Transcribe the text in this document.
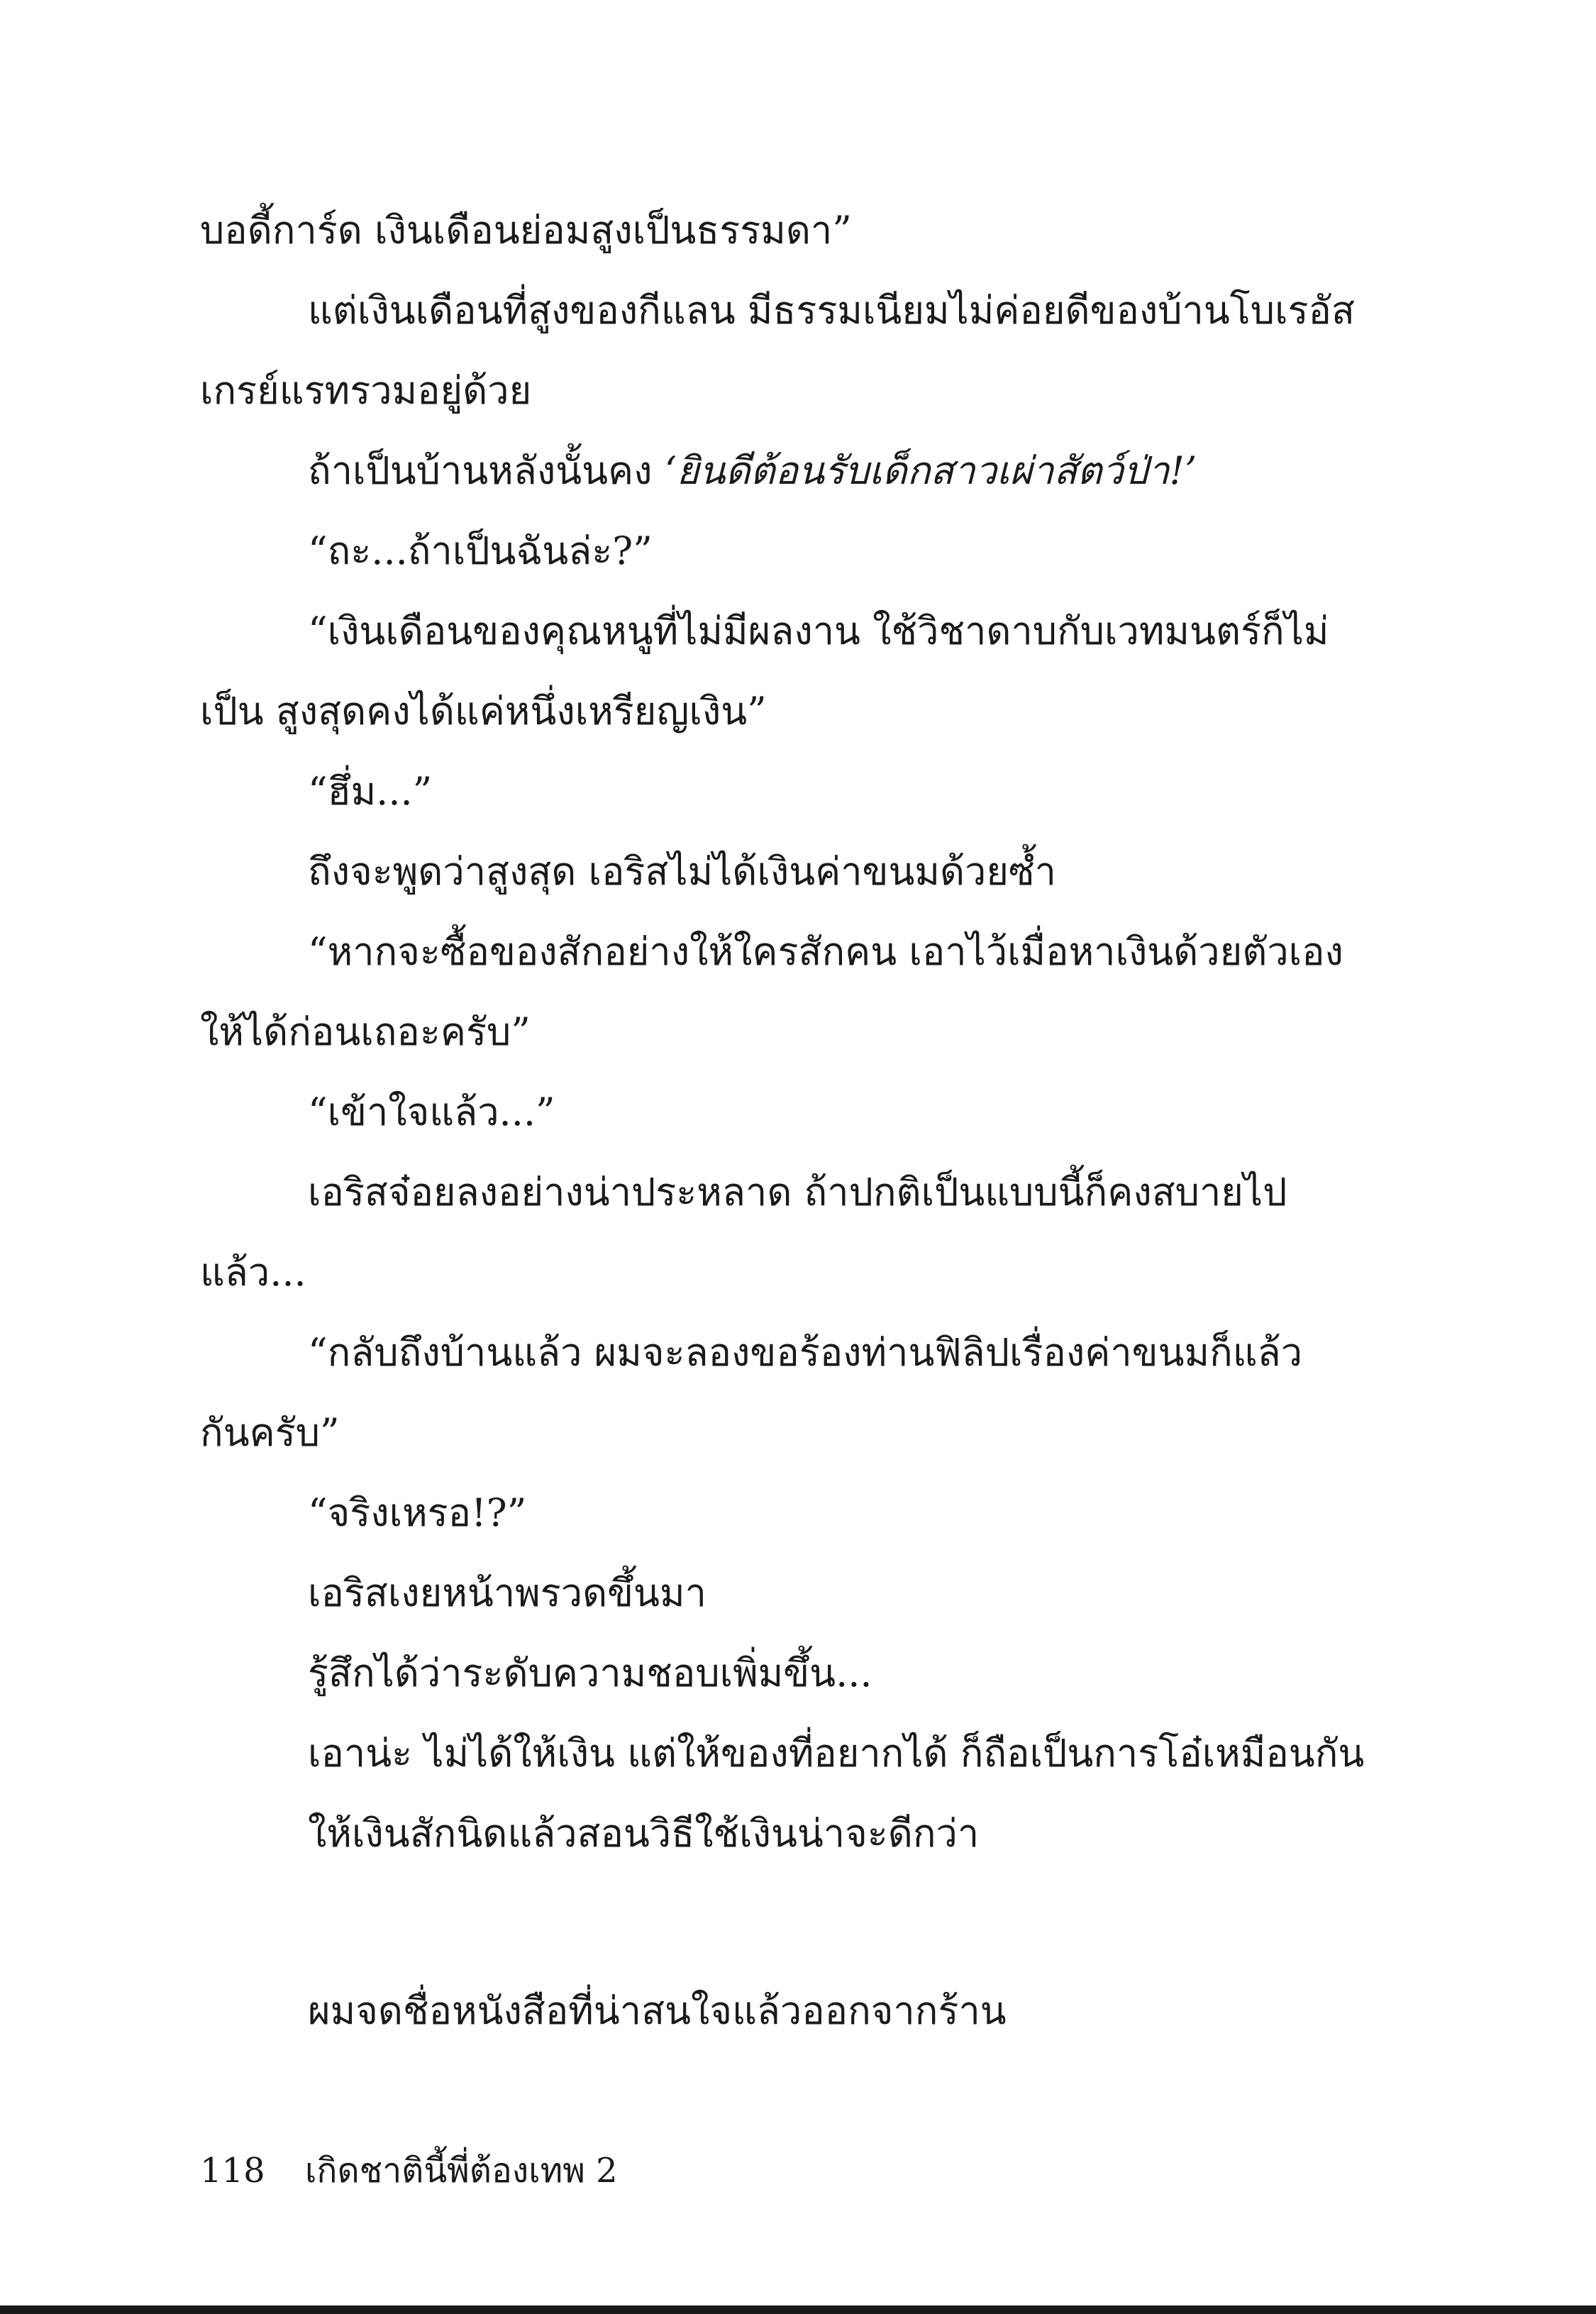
บอดี้การ์ด เงินเดือนย่อมสูงเป็นธรรมดา”
แต่เงินเดือนที่สูงของกีแลน มีธรรมเนียมไม่ค่อยดีของบ้านโบเรอัส
เกรย์แรทรวมอยู่ด้วย
ถ้าเป็นบ้านหลังนั้นคง ‘ยินดีต้อนรับเด็กสาวเผ่าสัตว์ป่า!’
“ถะ...ถ้าเป็นฉันล่ะ?”
“เงินเดือนของคุณหนูที่ไม่มีผลงาน ใช้วิชาดาบกับเวทมนตร์ก็ไม่
เป็น สูงสุดคงได้แค่หนึ่งเหรียญเงิน”
“ฮึ่ม...”
ถึงจะพูดว่าสูงสุด เอริสไม่ได้เงินค่าขนมด้วยซ้ำ
“หากจะซื้อของสักอย่างให้ใครสักคน เอาไว้เมื่อหาเงินด้วยตัวเอง
ให้ได้ก่อนเถอะครับ”
“เข้าใจแล้ว...”
เอริสจ๋อยลงอย่างน่าประหลาด ถ้าปกติเป็นแบบนี้ก็คงสบายไป
แล้ว...
“กลับถึงบ้านแล้ว ผมจะลองขอร้องท่านฟิลิปเรื่องค่าขนมก็แล้ว
กันครับ”
“จริงเหรอ!?”
เอริสเงยหน้าพรวดขึ้นมา
รู้สึกได้ว่าระดับความชอบเพิ่มขึ้น...
เอาน่ะ ไม่ได้ให้เงิน แต่ให้ของที่อยากได้ ก็ถือเป็นการโอ๋เหมือนกัน
ให้เงินสักนิดแล้วสอนวิธีใช้เงินน่าจะดีกว่า
ผมจดชื่อหนังสือที่น่าสนใจแล้วออกจากร้าน
118 เกิดชาตินี้พี่ต้องเทพ 2
